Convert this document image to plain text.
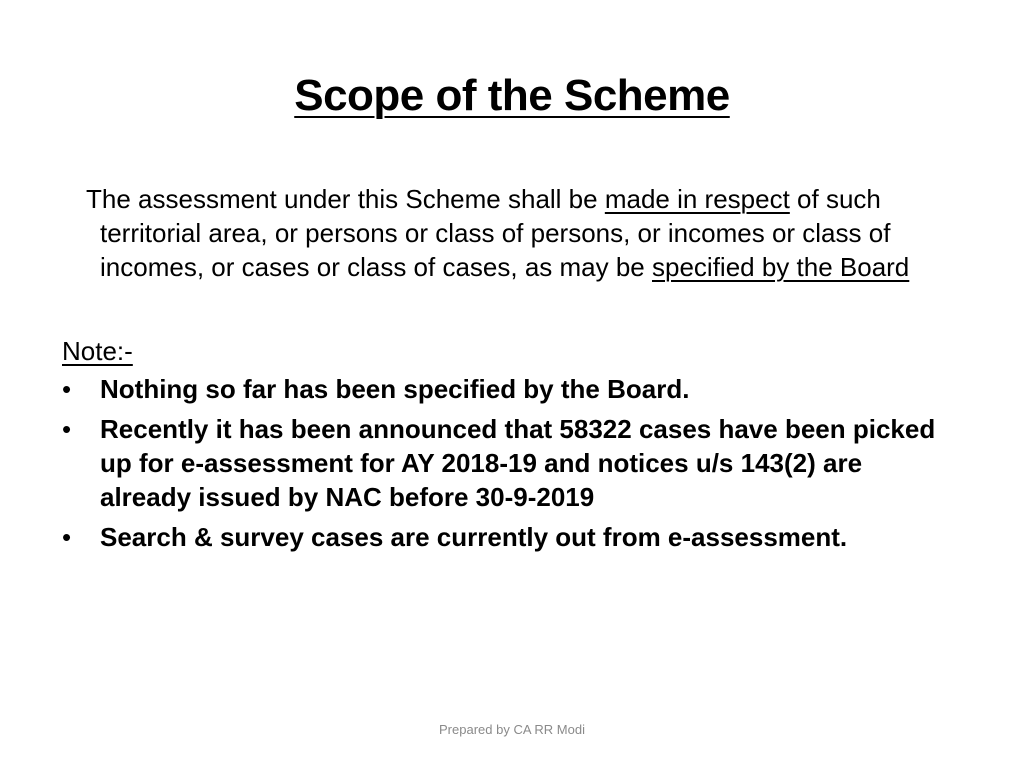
Scope of the Scheme

The assessment under this Scheme shall be made in respect of such territorial area, or persons or class of persons, or incomes or class of incomes, or cases or class of cases, as may be specified by the Board

Note:-

• Nothing so far has been specified by the Board.
• Recently it has been announced that 58322 cases have been picked up for e-assessment for AY 2018-19 and notices u/s 143(2) are already issued by NAC before 30-9-2019
• Search & survey cases are currently out from e-assessment.
Prepared by CA RR Modi
